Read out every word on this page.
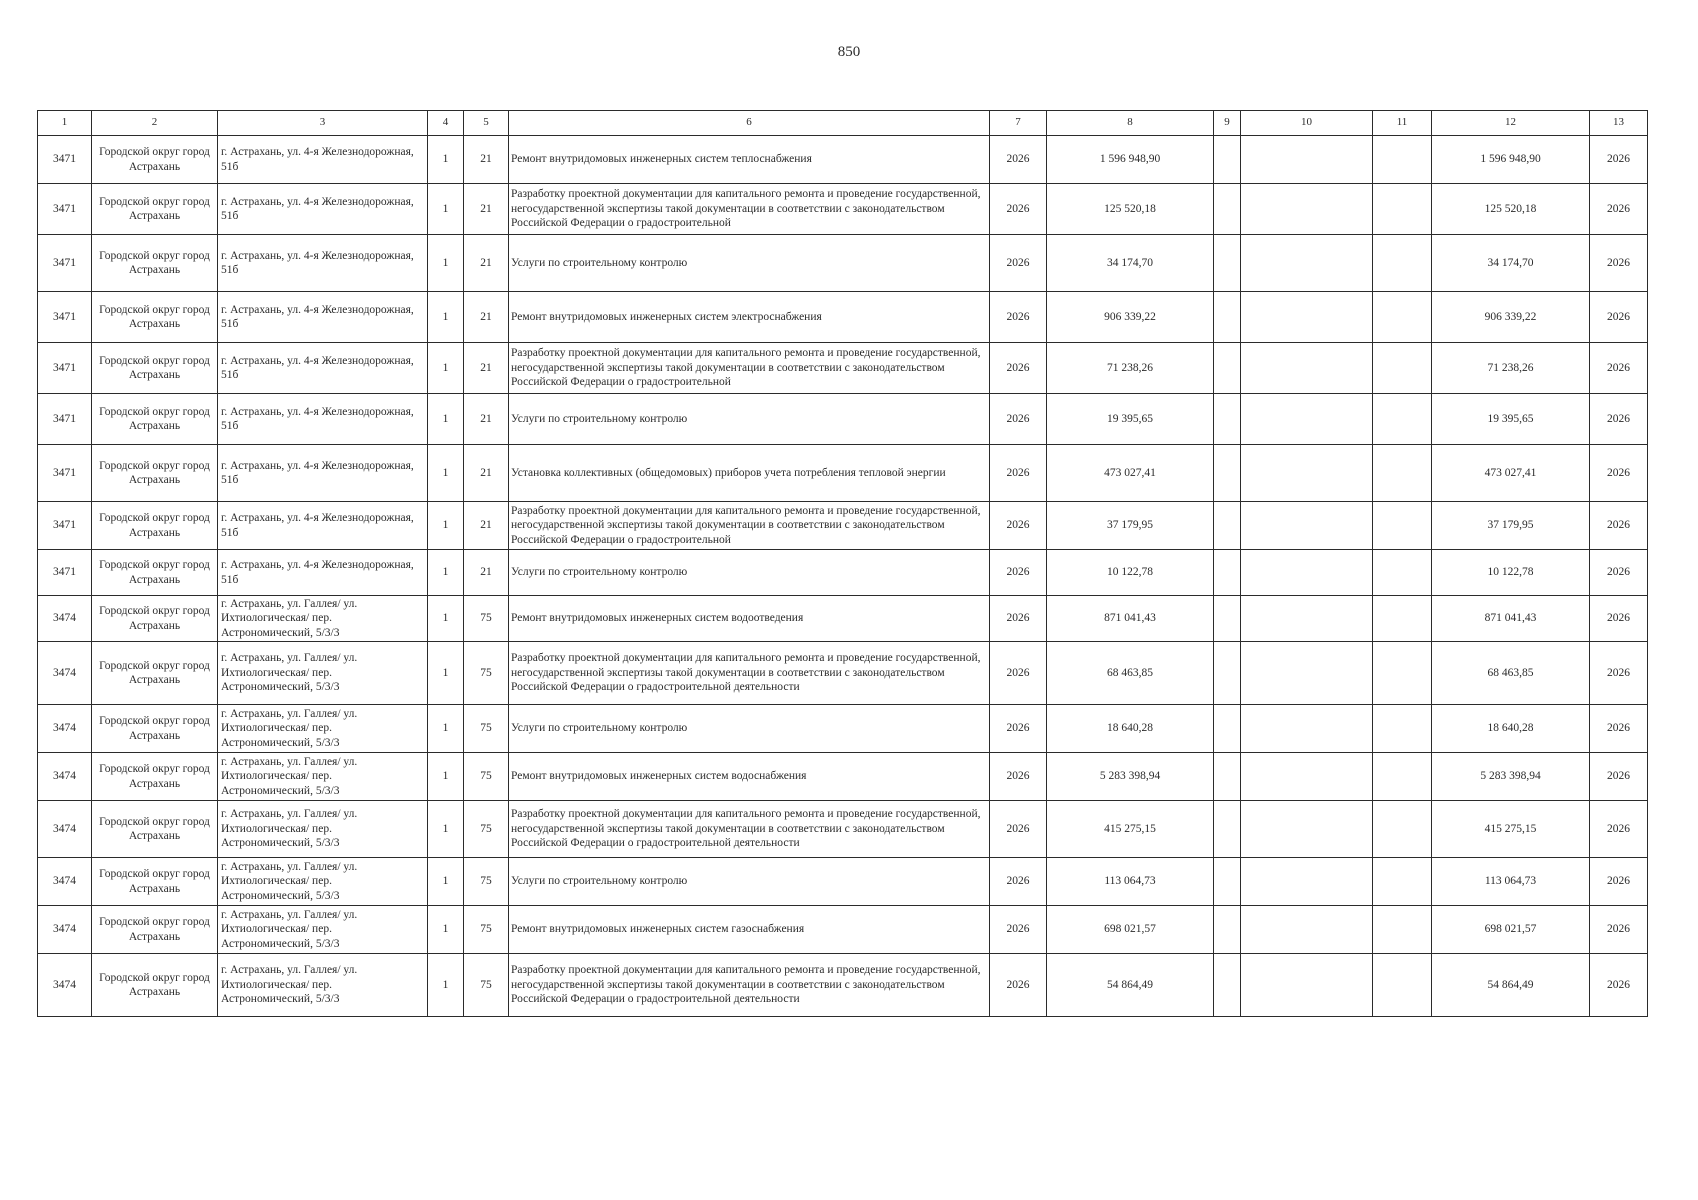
850
1	2	3	4	5	6	7	8	9	10	11	12	13
3471	Городской округ город Астрахань	г. Астрахань, ул. 4-я Железнодорожная, 51б	1	21	Ремонт внутридомовых инженерных систем теплоснабжения	2026	1 596 948,90				1 596 948,90	2026
3471	Городской округ город Астрахань	г. Астрахань, ул. 4-я Железнодорожная, 51б	1	21	Разработку проектной документации для капитального ремонта и проведение государственной, негосударственной экспертизы такой документации в соответствии с законодательством Российской Федерации о градостроительной	2026	125 520,18				125 520,18	2026
3471	Городской округ город Астрахань	г. Астрахань, ул. 4-я Железнодорожная, 51б	1	21	Услуги по строительному контролю	2026	34 174,70				34 174,70	2026
3471	Городской округ город Астрахань	г. Астрахань, ул. 4-я Железнодорожная, 51б	1	21	Ремонт внутридомовых инженерных систем электроснабжения	2026	906 339,22				906 339,22	2026
3471	Городской округ город Астрахань	г. Астрахань, ул. 4-я Железнодорожная, 51б	1	21	Разработку проектной документации для капитального ремонта и проведение государственной, негосударственной экспертизы такой документации в соответствии с законодательством Российской Федерации о градостроительной	2026	71 238,26				71 238,26	2026
3471	Городской округ город Астрахань	г. Астрахань, ул. 4-я Железнодорожная, 51б	1	21	Услуги по строительному контролю	2026	19 395,65				19 395,65	2026
3471	Городской округ город Астрахань	г. Астрахань, ул. 4-я Железнодорожная, 51б	1	21	Установка коллективных (общедомовых) приборов учета потребления тепловой энергии	2026	473 027,41				473 027,41	2026
3471	Городской округ город Астрахань	г. Астрахань, ул. 4-я Железнодорожная, 51б	1	21	Разработку проектной документации для капитального ремонта и проведение государственной, негосударственной экспертизы такой документации в соответствии с законодательством Российской Федерации о градостроительной	2026	37 179,95				37 179,95	2026
3471	Городской округ город Астрахань	г. Астрахань, ул. 4-я Железнодорожная, 51б	1	21	Услуги по строительному контролю	2026	10 122,78				10 122,78	2026
3474	Городской округ город Астрахань	г. Астрахань, ул. Галлея/ ул. Ихтиологическая/ пер. Астрономический, 5/3/3	1	75	Ремонт внутридомовых инженерных систем водоотведения	2026	871 041,43				871 041,43	2026
3474	Городской округ город Астрахань	г. Астрахань, ул. Галлея/ ул. Ихтиологическая/ пер. Астрономический, 5/3/3	1	75	Разработку проектной документации для капитального ремонта и проведение государственной, негосударственной экспертизы такой документации в соответствии с законодательством Российской Федерации о градостроительной деятельности	2026	68 463,85				68 463,85	2026
3474	Городской округ город Астрахань	г. Астрахань, ул. Галлея/ ул. Ихтиологическая/ пер. Астрономический, 5/3/3	1	75	Услуги по строительному контролю	2026	18 640,28				18 640,28	2026
3474	Городской округ город Астрахань	г. Астрахань, ул. Галлея/ ул. Ихтиологическая/ пер. Астрономический, 5/3/3	1	75	Ремонт внутридомовых инженерных систем водоснабжения	2026	5 283 398,94				5 283 398,94	2026
3474	Городской округ город Астрахань	г. Астрахань, ул. Галлея/ ул. Ихтиологическая/ пер. Астрономический, 5/3/3	1	75	Разработку проектной документации для капитального ремонта и проведение государственной, негосударственной экспертизы такой документации в соответствии с законодательством Российской Федерации о градостроительной деятельности	2026	415 275,15				415 275,15	2026
3474	Городской округ город Астрахань	г. Астрахань, ул. Галлея/ ул. Ихтиологическая/ пер. Астрономический, 5/3/3	1	75	Услуги по строительному контролю	2026	113 064,73				113 064,73	2026
3474	Городской округ город Астрахань	г. Астрахань, ул. Галлея/ ул. Ихтиологическая/ пер. Астрономический, 5/3/3	1	75	Ремонт внутридомовых инженерных систем газоснабжения	2026	698 021,57				698 021,57	2026
3474	Городской округ город Астрахань	г. Астрахань, ул. Галлея/ ул. Ихтиологическая/ пер. Астрономический, 5/3/3	1	75	Разработку проектной документации для капитального ремонта и проведение государственной, негосударственной экспертизы такой документации в соответствии с законодательством Российской Федерации о градостроительной деятельности	2026	54 864,49				54 864,49	2026
